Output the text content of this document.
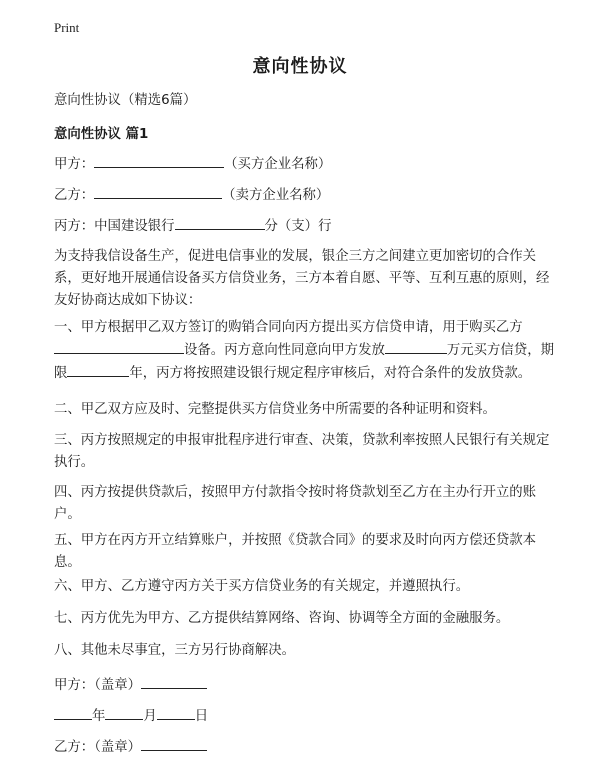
Print
意向性协议
意向性协议（精选6篇）
意向性协议 篇1
甲方：	（买方企业名称）
乙方：	（卖方企业名称）
丙方：中国建设银行	分（支）行
为支持我信设备生产，促进电信事业的发展，银企三方之间建立更加密切的合作关系，更好地开展通信设备买方信贷业务，三方本着自愿、平等、互利互惠的原则，经友好协商达成如下协议：
一、甲方根据甲乙双方签订的购销合同向丙方提出买方信贷申请，用于购买乙方设备。丙方意向性同意向甲方发放	万元买方信贷，期限	年，丙方将按照建设银行规定程序审核后，对符合条件的发放贷款。
二、甲乙双方应及时、完整提供买方信贷业务中所需要的各种证明和资料。
三、丙方按照规定的申报审批程序进行审查、决策，贷款利率按照人民银行有关规定执行。
四、丙方按提供贷款后，按照甲方付款指令按时将贷款划至乙方在主办行开立的账户。
五、甲方在丙方开立结算账户，并按照《贷款合同》的要求及时向丙方偿还贷款本息。
六、甲方、乙方遵守丙方关于买方信贷业务的有关规定，并遵照执行。
七、丙方优先为甲方、乙方提供结算网络、咨询、协调等全方面的金融服务。
八、其他未尽事宜，三方另行协商解决。
甲方：（盖章）
年	月	日
乙方：（盖章）
